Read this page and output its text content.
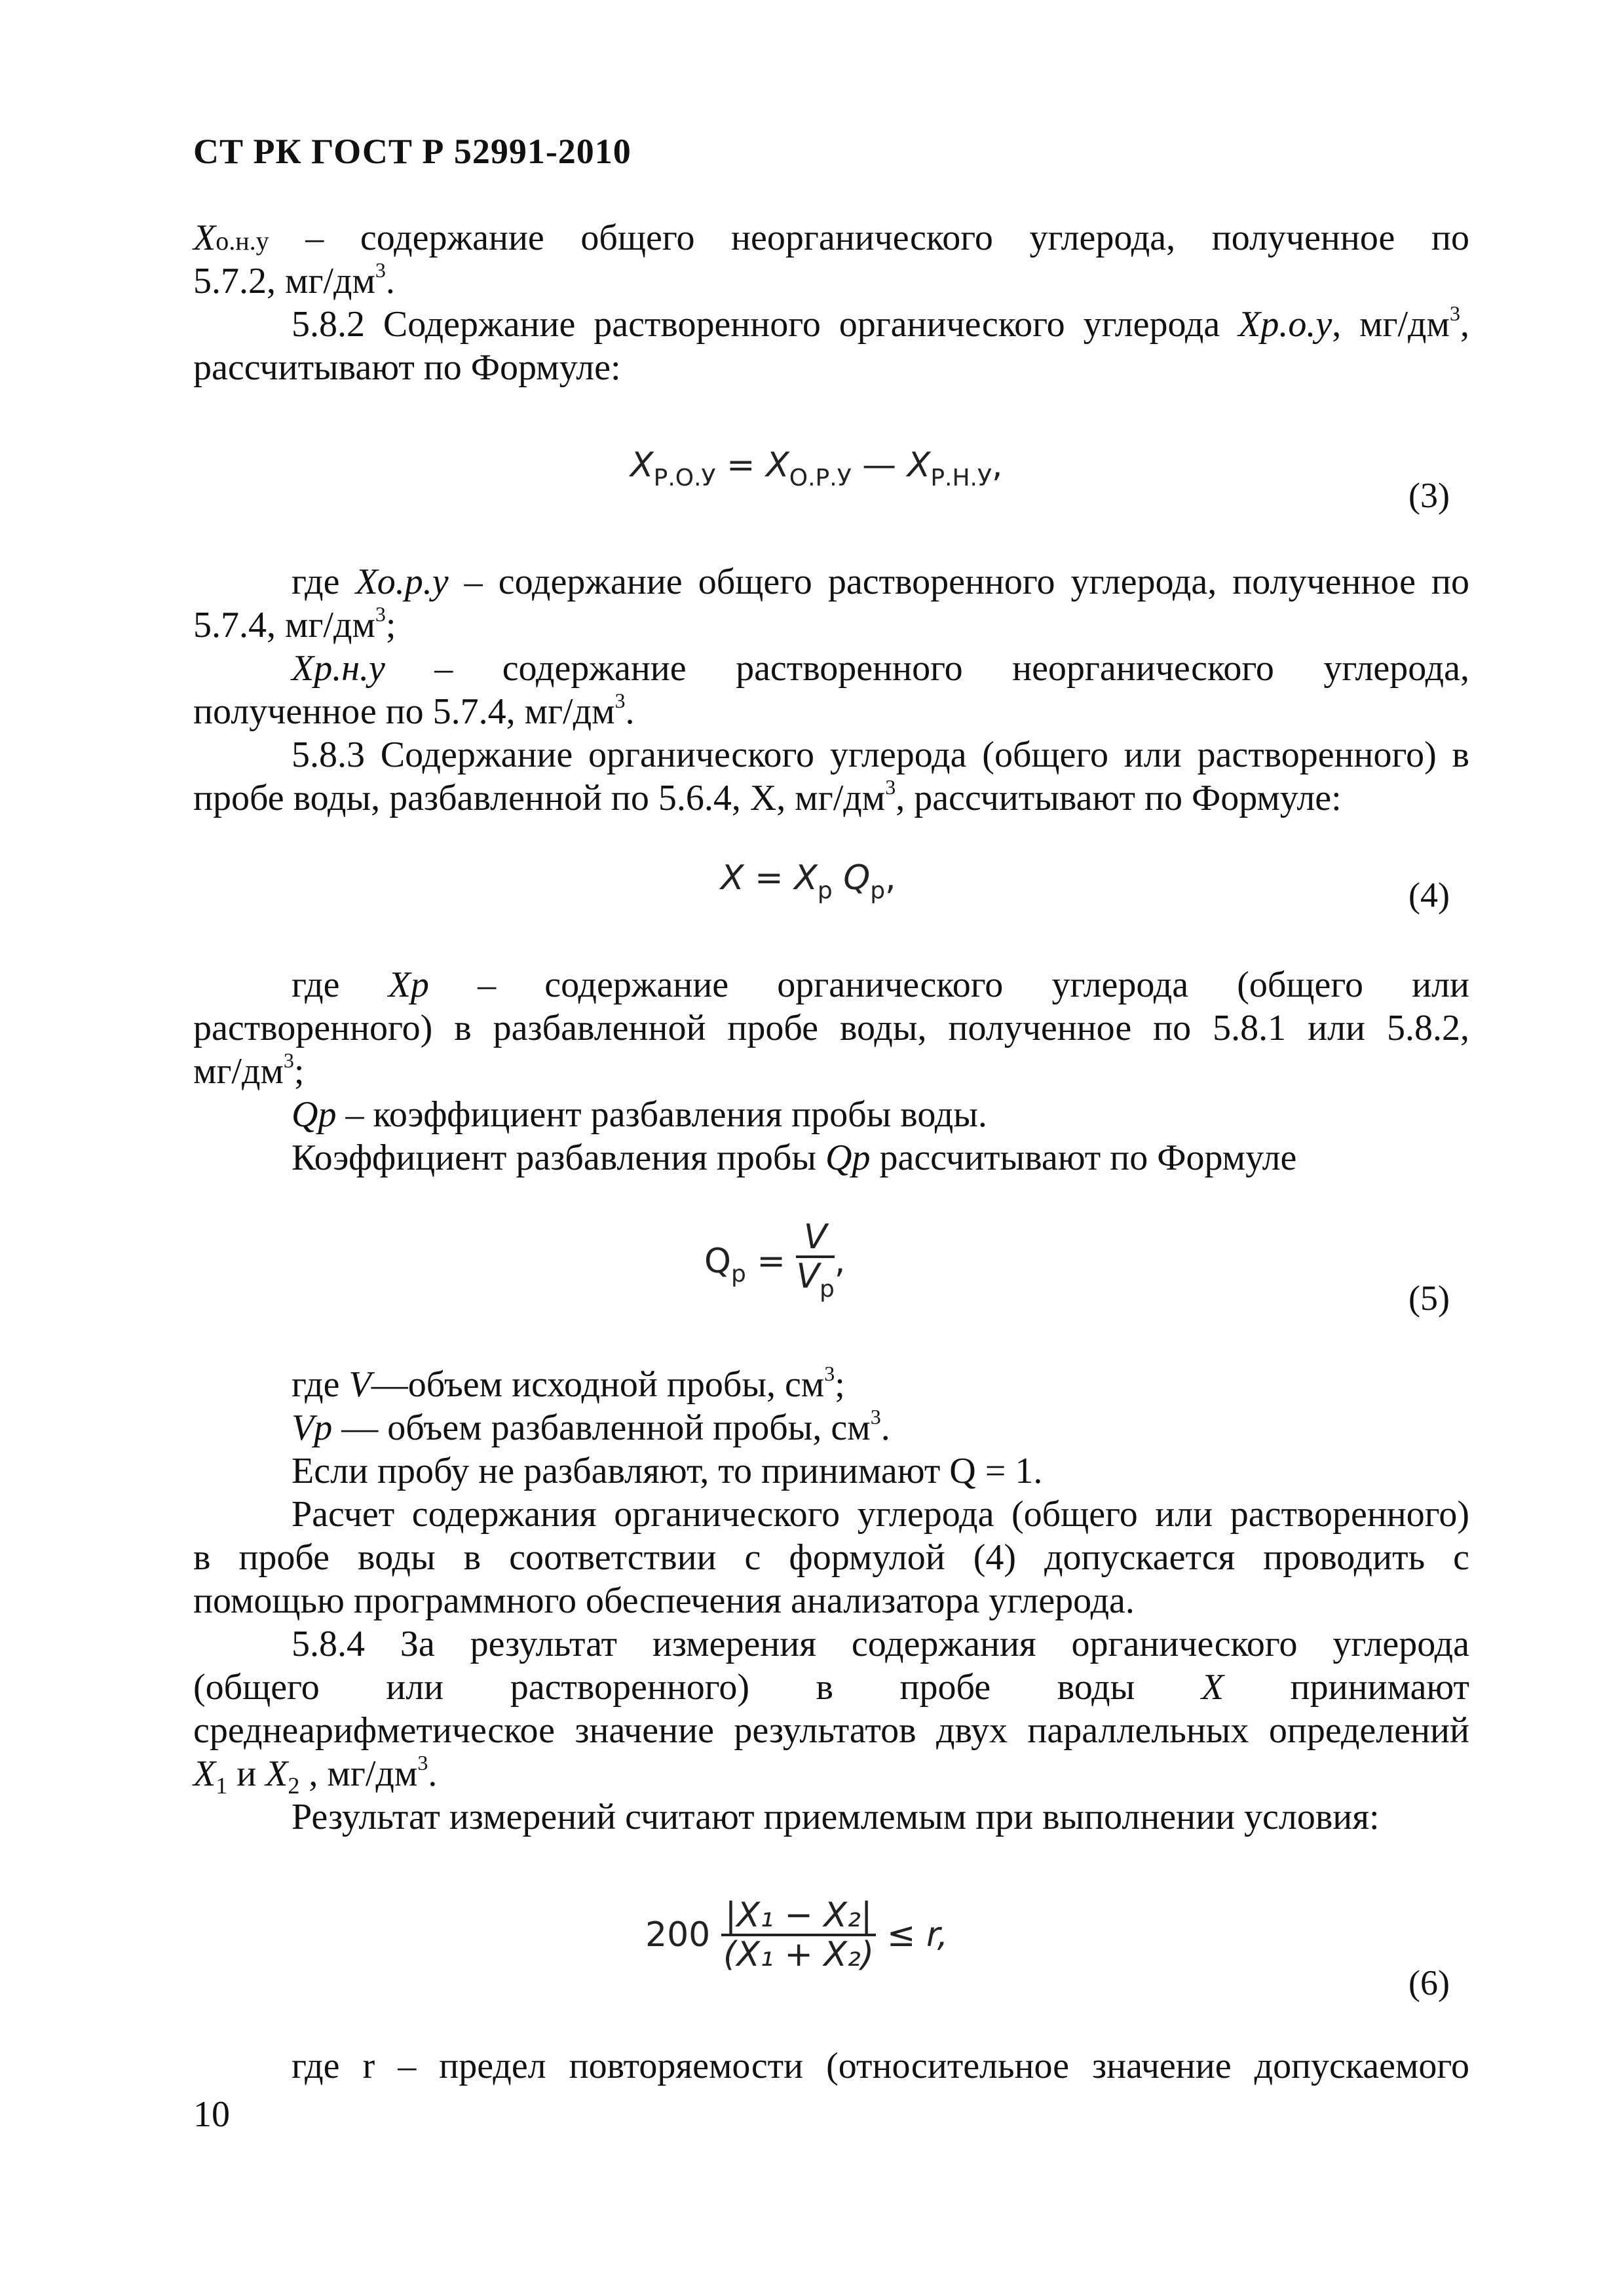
СТ РК ГОСТ Р 52991-2010
Хо.н.у – содержание общего неорганического углерода, полученное по
5.7.2, $мг/дм^3$.
5.8.2 Содержание растворенного органического углерода Хр.о.у, $мг/дм^3$,
рассчитывают по Формуле:
$X_{Р.О.У} = X_{О.Р.У}$ — $X_{Р.Н.У}$,
(3)
где Хо.р.у – содержание общего растворенного углерода, полученное по
5.7.4, $мг/дм^3$;
Хр.н.у – содержание растворенного неорганического углерода,
полученное по 5.7.4, $мг/дм^3$.
5.8.3 Содержание органического углерода (общего или растворенного) в
пробе воды, разбавленной по 5.6.4, Х, $мг/дм^3$, рассчитывают по Формуле:
$X = X_р$ $Q_р$,	(4)
где Хр – содержание органического углерода (общего или
растворенного) в разбавленной пробе воды, полученное по 5.8.1 или 5.8.2,
$мг/дм^3$;
Qр – коэффициент разбавления пробы воды.
Коэффициент разбавления пробы Qр рассчитывают по Формуле
$Q_p = \frac{V}{V_p}$ ,
(5)
где V—объем исходной пробы, $см^3$;
Vр — объем разбавленной пробы, $см^3$.
Если пробу не разбавляют, то принимают Q = 1.
Расчет содержания органического углерода (общего или растворенного)
в пробе воды в соответствии с формулой (4) допускается проводить с
помощью программного обеспечения анализатора углерода.
5.8.4 За результат измерения содержания органического углерода
(общего или растворенного) в пробе воды Х принимают
среднеарифметическое значение результатов двух параллельных определений
$Х_1$ и $Х_2$ , $мг/дм^3$.
Результат измерений считают приемлемым при выполнении условия:
$200 \frac{\text{|X₁ − X₂|}}{\text{(X₁ + X₂)}} \le r$,
(6)
где r – предел повторяемости (относительное значение допускаемого
10
